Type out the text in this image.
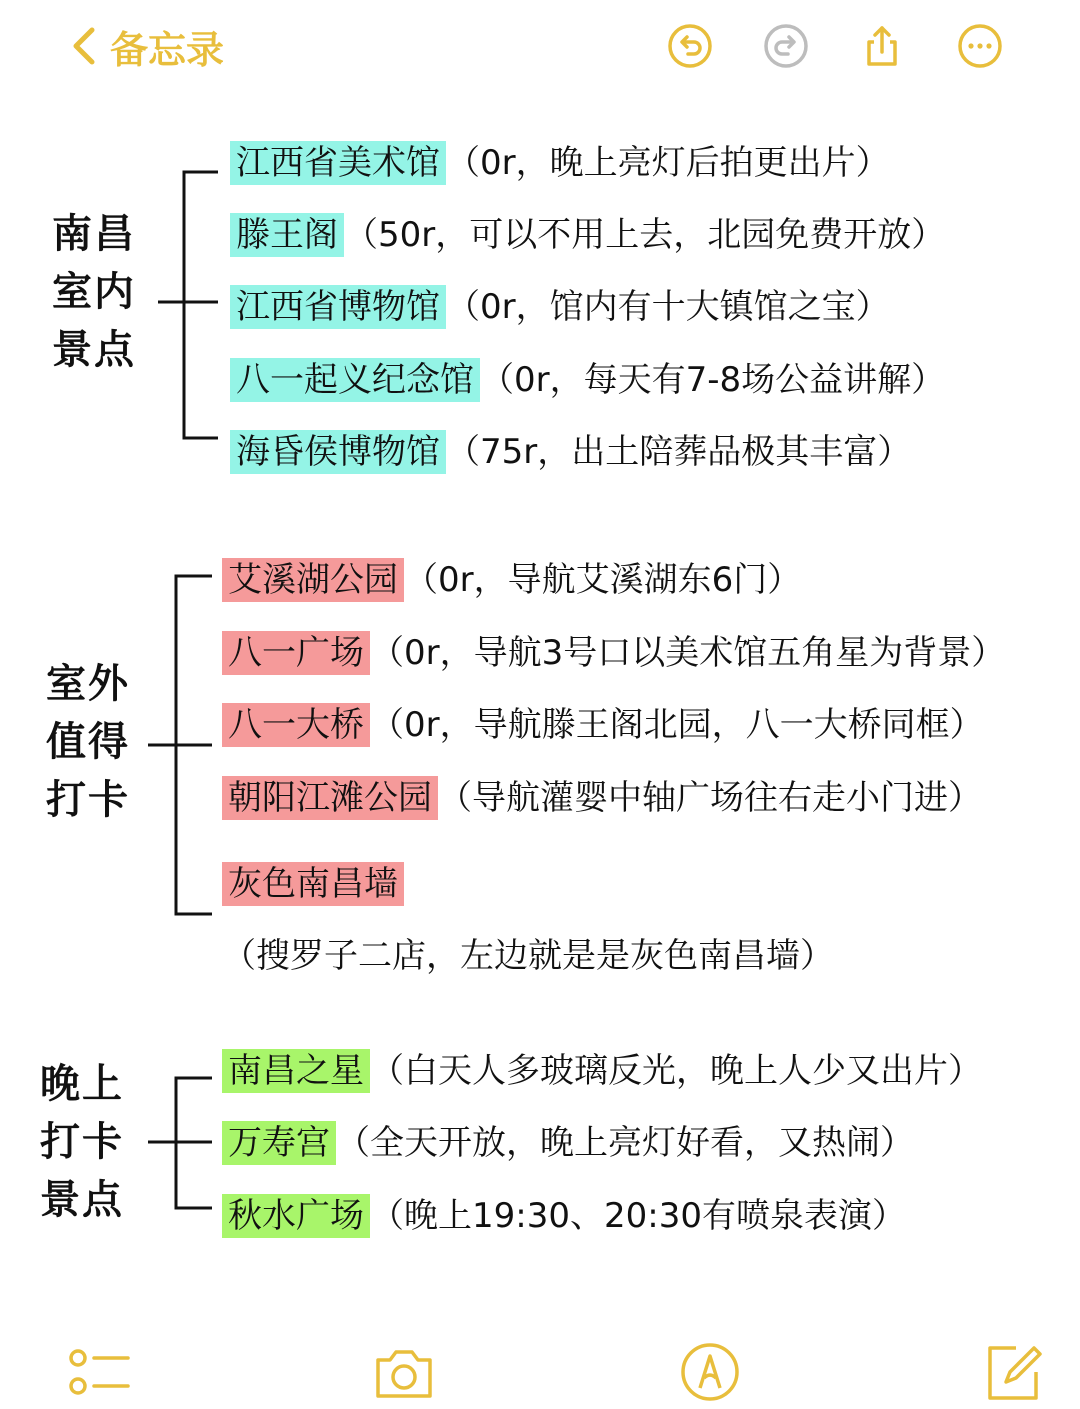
备忘录
南昌
室内
景点
江西省美术馆 （0r，晚上亮灯后拍更出片）
滕王阁 （50r，可以不用上去，北园免费开放）
江西省博物馆 （0r，馆内有十大镇馆之宝）
八一起义纪念馆 （0r，每天有7-8场公益讲解）
海昏侯博物馆 （75r，出土陪葬品极其丰富）
室外
值得
打卡
艾溪湖公园 （0r，导航艾溪湖东6门）
八一广场 （0r，导航3号口以美术馆五角星为背景）
八一大桥 （0r，导航滕王阁北园，八一大桥同框）
朝阳江滩公园 （导航灌婴中轴广场往右走小门进）
灰色南昌墙（搜罗子二店，左边就是是灰色南昌墙）
晚上
打卡
景点
南昌之星 （白天人多玻璃反光，晚上人少又出片）
万寿宫 （全天开放，晚上亮灯好看，又热闹）
秋水广场 （晚上19:30、20:30有喷泉表演）
